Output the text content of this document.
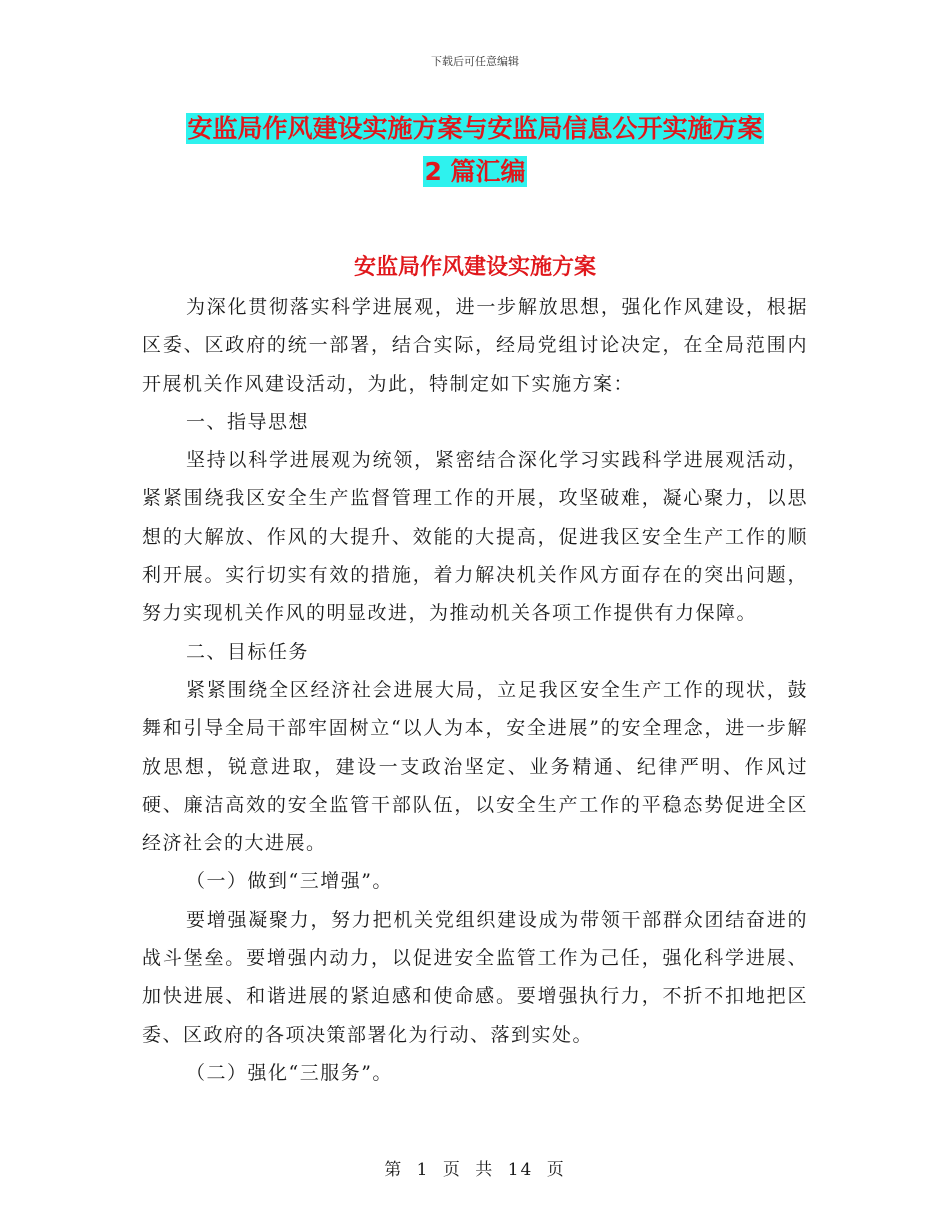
下载后可任意编辑
安监局作风建设实施方案与安监局信息公开实施方案
2 篇汇编
安监局作风建设实施方案

为深化贯彻落实科学进展观，进一步解放思想，强化作风建设，根据区委、区政府的统一部署，结合实际，经局党组讨论决定，在全局范围内开展机关作风建设活动，为此，特制定如下实施方案：

一、指导思想

坚持以科学进展观为统领，紧密结合深化学习实践科学进展观活动，紧紧围绕我区安全生产监督管理工作的开展，攻坚破难，凝心聚力，以思想的大解放、作风的大提升、效能的大提高，促进我区安全生产工作的顺利开展。实行切实有效的措施，着力解决机关作风方面存在的突出问题，努力实现机关作风的明显改进，为推动机关各项工作提供有力保障。

二、目标任务

紧紧围绕全区经济社会进展大局，立足我区安全生产工作的现状，鼓舞和引导全局干部牢固树立“以人为本，安全进展”的安全理念，进一步解放思想，锐意进取，建设一支政治坚定、业务精通、纪律严明、作风过硬、廉洁高效的安全监管干部队伍，以安全生产工作的平稳态势促进全区经济社会的大进展。

（一）做到“三增强”。

要增强凝聚力，努力把机关党组织建设成为带领干部群众团结奋进的战斗堡垒。要增强内动力，以促进安全监管工作为己任，强化科学进展、加快进展、和谐进展的紧迫感和使命感。要增强执行力，不折不扣地把区委、区政府的各项决策部署化为行动、落到实处。

（二）强化“三服务”。

第 1 页 共 14 页
